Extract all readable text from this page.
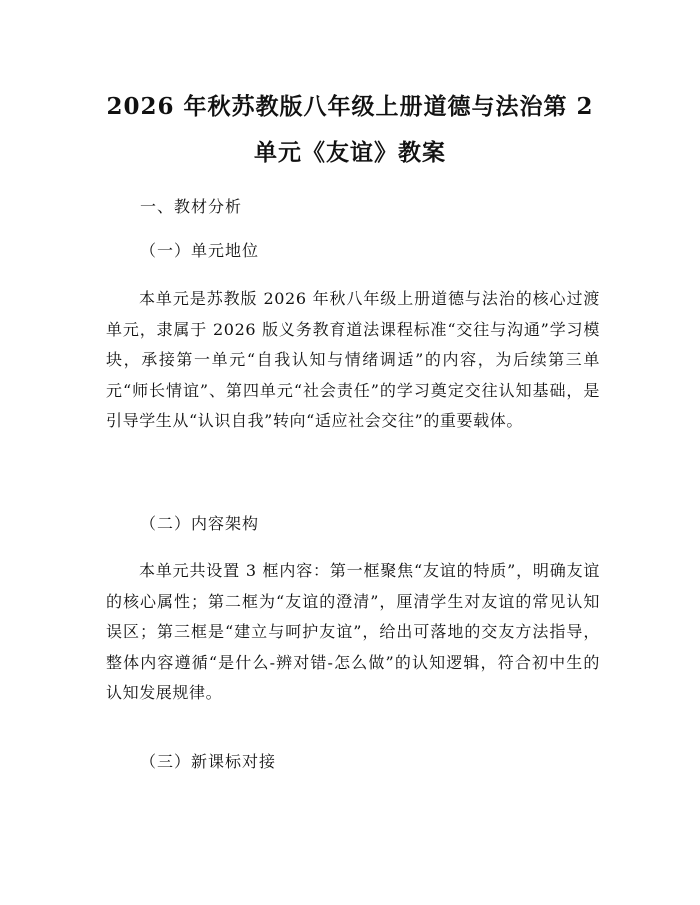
2026 年秋苏教版八年级上册道德与法治第 2
单元《友谊》教案
一、教材分析
（一）单元地位
本单元是苏教版 2026 年秋八年级上册道德与法治的核心过渡单元，隶属于 2026 版义务教育道法课程标准“交往与沟通”学习模块，承接第一单元“自我认知与情绪调适”的内容，为后续第三单元“师长情谊”、第四单元“社会责任”的学习奠定交往认知基础，是引导学生从“认识自我”转向“适应社会交往”的重要载体。
（二）内容架构
本单元共设置 3 框内容：第一框聚焦“友谊的特质”，明确友谊的核心属性；第二框为“友谊的澄清”，厘清学生对友谊的常见认知误区；第三框是“建立与呵护友谊”，给出可落地的交友方法指导，整体内容遵循“是什么-辨对错-怎么做”的认知逻辑，符合初中生的认知发展规律。
（三）新课标对接
